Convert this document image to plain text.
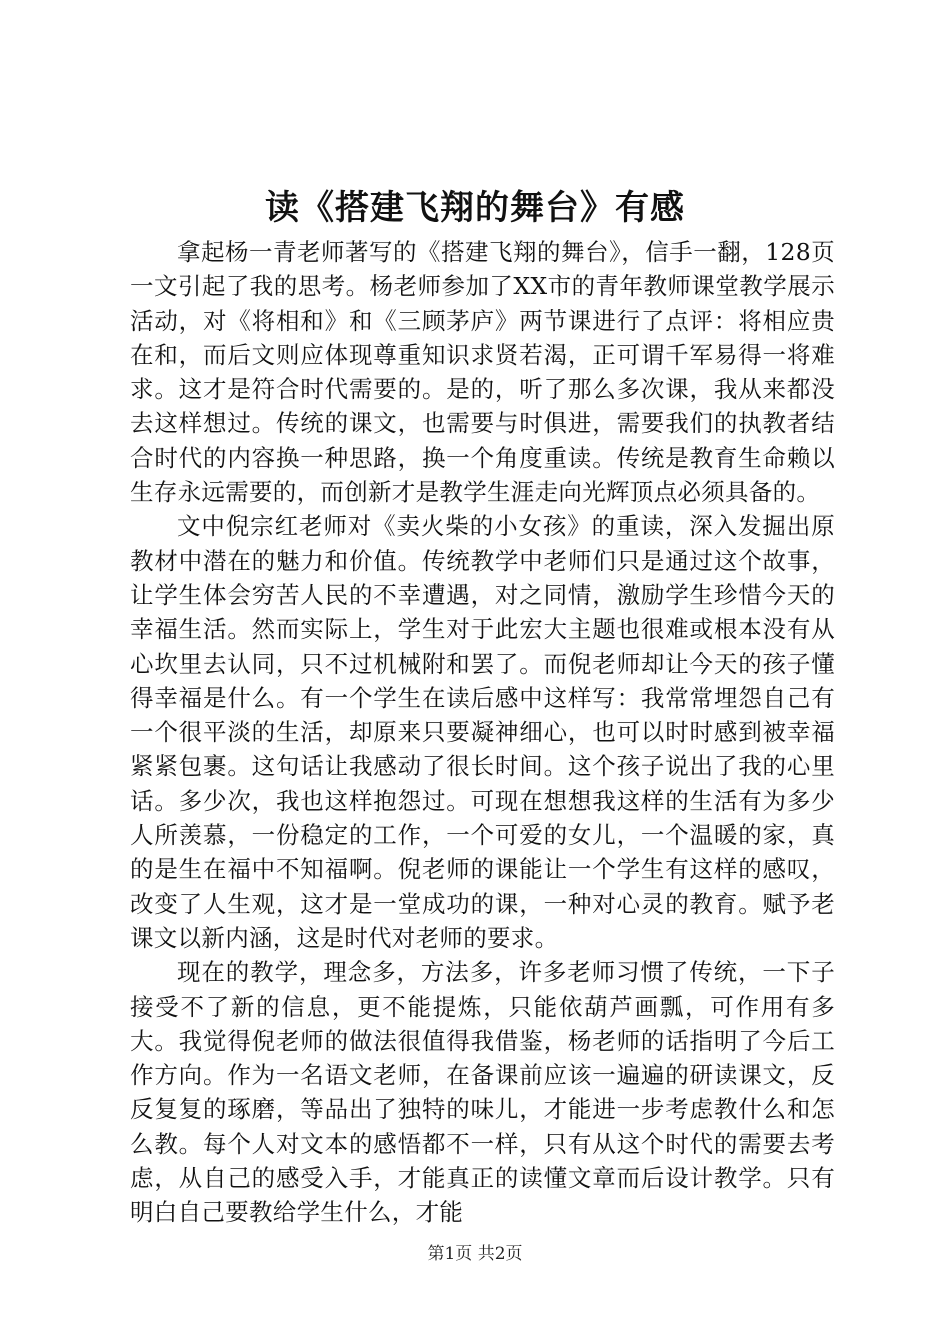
读《搭建飞翔的舞台》有感

拿起杨一青老师著写的《搭建飞翔的舞台》，信手一翻，128页一文引起了我的思考。杨老师参加了XX市的青年教师课堂教学展示活动，对《将相和》和《三顾茅庐》两节课进行了点评：将相应贵在和，而后文则应体现尊重知识求贤若渴，正可谓千军易得一将难求。这才是符合时代需要的。是的，听了那么多次课，我从来都没去这样想过。传统的课文，也需要与时俱进，需要我们的执教者结合时代的内容换一种思路，换一个角度重读。传统是教育生命赖以生存永远需要的，而创新才是教学生涯走向光辉顶点必须具备的。

文中倪宗红老师对《卖火柴的小女孩》的重读，深入发掘出原教材中潜在的魅力和价值。传统教学中老师们只是通过这个故事，让学生体会穷苦人民的不幸遭遇，对之同情，激励学生珍惜今天的幸福生活。然而实际上，学生对于此宏大主题也很难或根本没有从心坎里去认同，只不过机械附和罢了。而倪老师却让今天的孩子懂得幸福是什么。有一个学生在读后感中这样写：我常常埋怨自己有一个很平淡的生活，却原来只要凝神细心，也可以时时感到被幸福紧紧包裹。这句话让我感动了很长时间。这个孩子说出了我的心里话。多少次，我也这样抱怨过。可现在想想我这样的生活有为多少人所羡慕，一份稳定的工作，一个可爱的女儿，一个温暖的家，真的是生在福中不知福啊。倪老师的课能让一个学生有这样的感叹，改变了人生观，这才是一堂成功的课，一种对心灵的教育。赋予老课文以新内涵，这是时代对老师的要求。

现在的教学，理念多，方法多，许多老师习惯了传统，一下子接受不了新的信息，更不能提炼，只能依葫芦画瓢，可作用有多大。我觉得倪老师的做法很值得我借鉴，杨老师的话指明了今后工作方向。作为一名语文老师，在备课前应该一遍遍的研读课文，反反复复的琢磨，等品出了独特的味儿，才能进一步考虑教什么和怎么教。每个人对文本的感悟都不一样，只有从这个时代的需要去考虑，从自己的感受入手，才能真正的读懂文章而后设计教学。只有明白自己要教给学生什么，才能

第1页 共2页
